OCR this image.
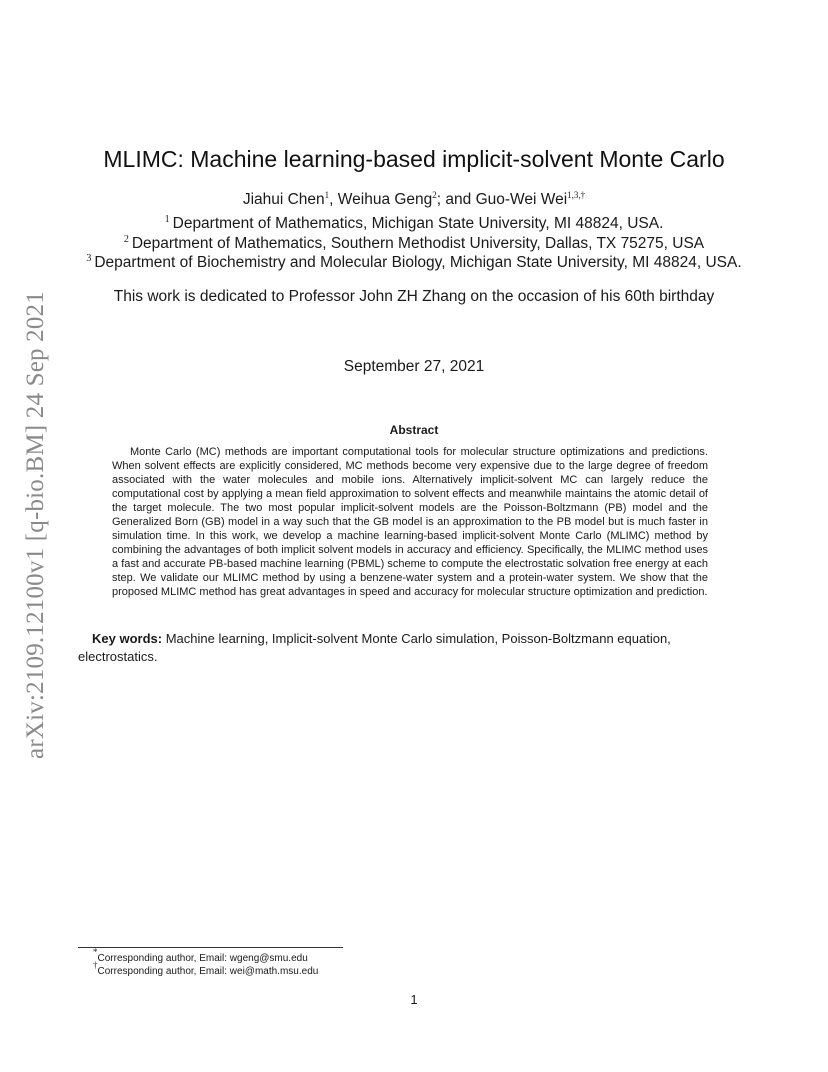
arXiv:2109.12100v1 [q-bio.BM] 24 Sep 2021
MLIMC: Machine learning-based implicit-solvent Monte Carlo
Jiahui Chen$^1$, Weihua Geng$^2$; and Guo-Wei Wei$^{1,3,\dagger}$
$^1$ Department of Mathematics, Michigan State University, MI 48824, USA.
$^2$ Department of Mathematics, Southern Methodist University, Dallas, TX 75275, USA
$^3$ Department of Biochemistry and Molecular Biology, Michigan State University, MI 48824, USA.
This work is dedicated to Professor John ZH Zhang on the occasion of his 60th birthday
September 27, 2021
Abstract

Monte Carlo (MC) methods are important computational tools for molecular structure optimizations and predictions. When solvent effects are explicitly considered, MC methods become very expensive due to the large degree of freedom associated with the water molecules and mobile ions. Alternatively implicit-solvent MC can largely reduce the computational cost by applying a mean field approximation to solvent effects and meanwhile maintains the atomic detail of the target molecule. The two most popular implicit-solvent models are the Poisson-Boltzmann (PB) model and the Generalized Born (GB) model in a way such that the GB model is an approximation to the PB model but is much faster in simulation time. In this work, we develop a machine learning-based implicit-solvent Monte Carlo (MLIMC) method by combining the advantages of both implicit solvent models in accuracy and efficiency. Specifically, the MLIMC method uses a fast and accurate PB-based machine learning (PBML) scheme to compute the electrostatic solvation free energy at each step. We validate our MLIMC method by using a benzene-water system and a protein-water system. We show that the proposed MLIMC method has great advantages in speed and accuracy for molecular structure optimization and prediction.

Key words: Machine learning, Implicit-solvent Monte Carlo simulation, Poisson-Boltzmann equation, electrostatics.

*Corresponding author, Email: wgeng@smu.edu
†Corresponding author, Email: wei@math.msu.edu
1
